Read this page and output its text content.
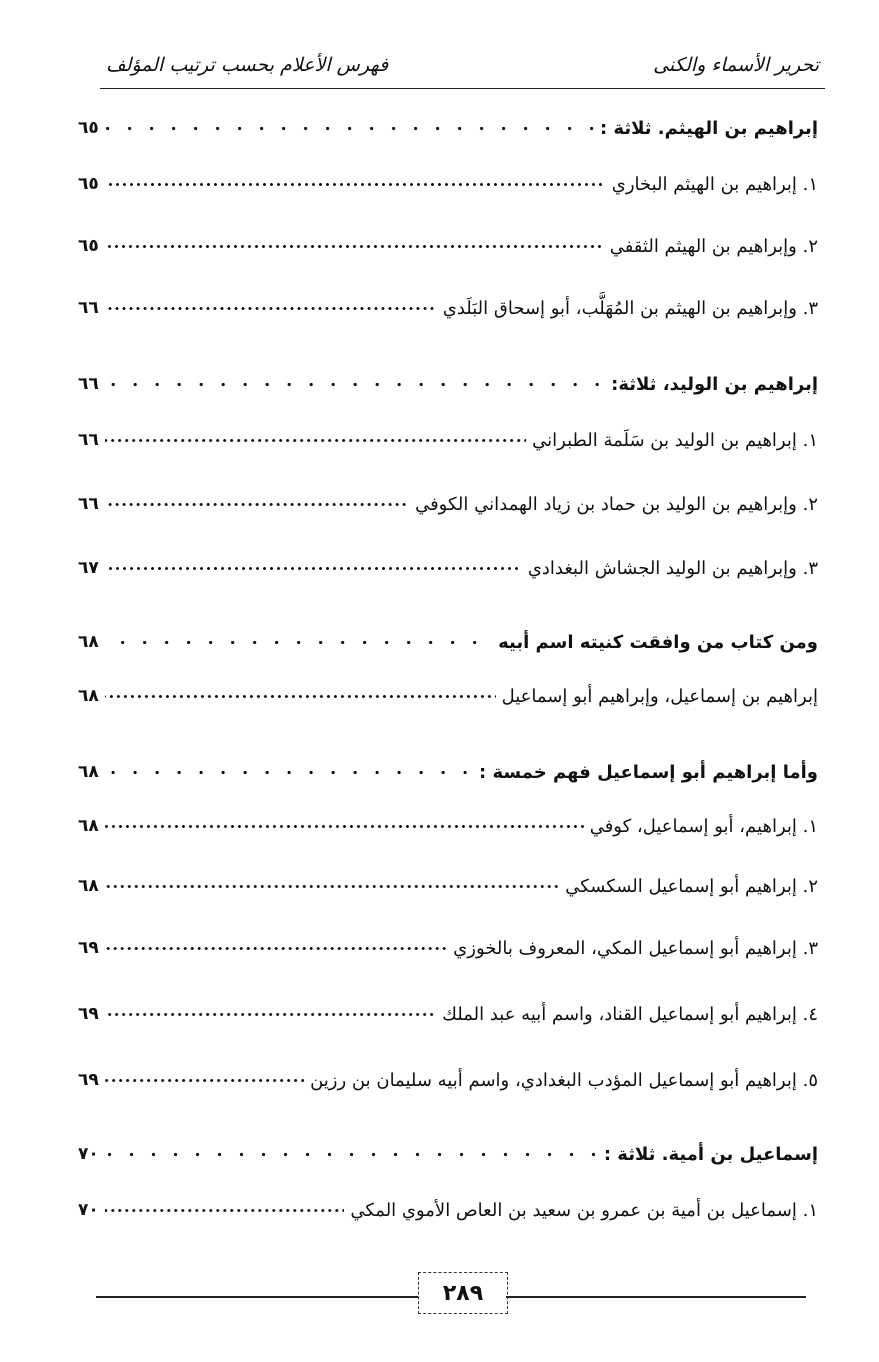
تحرير الأسماء والكنى
فهرس الأعلام بحسب ترتيب المؤلف
إبراهيم بن الهيثم. ثلاثة :
٦٥
١. إبراهيم بن الهيثم البخاري
٦٥
٢. وإبراهيم بن الهيثم الثقفي
٦٥
٣. وإبراهيم بن الهيثم بن المُهَلَّب، أبو إسحاق البَلَدي
٦٦
إبراهيم بن الوليد، ثلاثة:
٦٦
١. إبراهيم بن الوليد بن سَلَمة الطبراني
٦٦
٢. وإبراهيم بن الوليد بن حماد بن زياد الهمداني الكوفي
٦٦
٣. وإبراهيم بن الوليد الجشاش البغدادي
٦٧
ومن كتاب من وافقت كنيته اسم أبيه
٦٨
إبراهيم بن إسماعيل، وإبراهيم أبو إسماعيل
٦٨
وأما إبراهيم أبو إسماعيل فهم خمسة :
٦٨
١. إبراهيم، أبو إسماعيل، كوفي
٦٨
٢. إبراهيم أبو إسماعيل السكسكي
٦٨
٣. إبراهيم أبو إسماعيل المكي، المعروف بالخوزي
٦٩
٤. إبراهيم أبو إسماعيل القناد، واسم أبيه عبد الملك
٦٩
٥. إبراهيم أبو إسماعيل المؤدب البغدادي، واسم أبيه سليمان بن رزين
٦٩
إسماعيل بن أمية. ثلاثة :
٧٠
١. إسماعيل بن أمية بن عمرو بن سعيد بن العاص الأموي المكي
٧٠
٢٨٩
